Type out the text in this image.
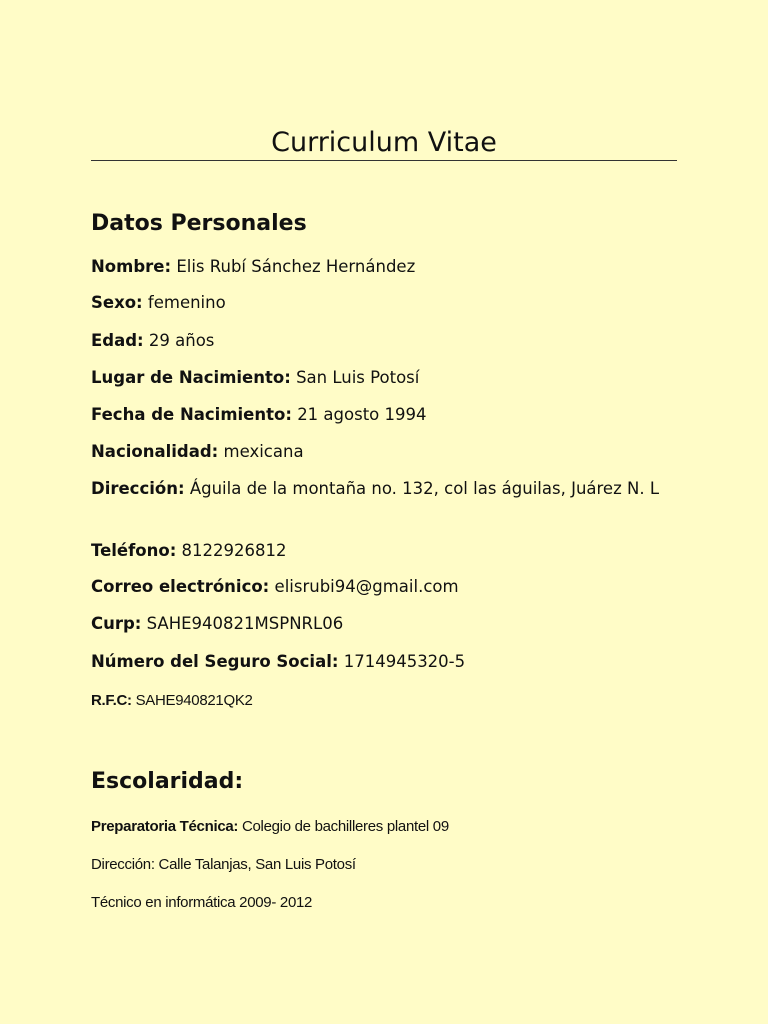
Curriculum Vitae
Datos Personales

Nombre: Elis Rubí Sánchez Hernández

Sexo: femenino

Edad: 29 años

Lugar de Nacimiento: San Luis Potosí

Fecha de Nacimiento: 21 agosto 1994

Nacionalidad: mexicana

Dirección: Águila de la montaña no. 132, col las águilas, Juárez N. L

Teléfono: 8122926812

Correo electrónico: elisrubi94@gmail.com

Curp: SAHE940821MSPNRL06

Número del Seguro Social: 1714945320-5

R.F.C: SAHE940821QK2

Escolaridad:

Preparatoria Técnica: Colegio de bachilleres plantel 09

Dirección: Calle Talanjas, San Luis Potosí

Técnico en informática 2009- 2012
